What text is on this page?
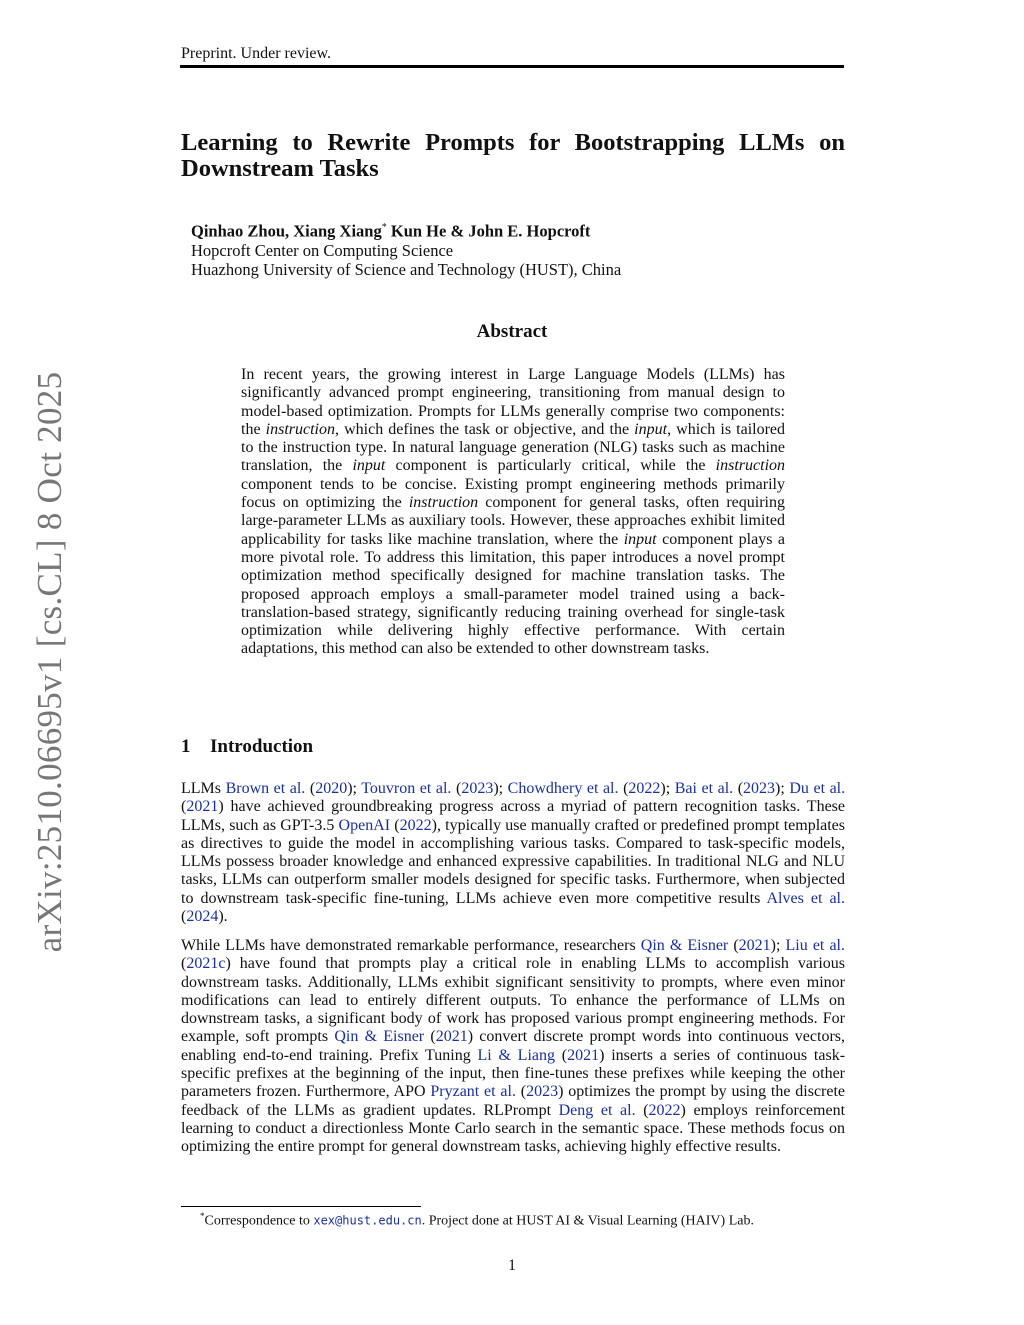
Preprint. Under review.
arXiv:2510.06695v1 [cs.CL] 8 Oct 2025
Learning to Rewrite Prompts for Bootstrapping LLMs on Downstream Tasks
Qinhao Zhou, Xiang Xiang* Kun He & John E. Hopcroft
Hopcroft Center on Computing Science
Huazhong University of Science and Technology (HUST), China
Abstract
In recent years, the growing interest in Large Language Models (LLMs) has significantly advanced prompt engineering, transitioning from manual design to model-based optimization. Prompts for LLMs generally comprise two components: the instruction, which defines the task or objective, and the input, which is tailored to the instruction type. In natural language generation (NLG) tasks such as machine translation, the input component is particularly critical, while the instruction component tends to be concise. Existing prompt engineering methods primarily focus on optimizing the instruction component for general tasks, often requiring large-parameter LLMs as auxiliary tools. However, these approaches exhibit limited applicability for tasks like machine translation, where the input component plays a more pivotal role. To address this limitation, this paper introduces a novel prompt optimization method specifically designed for machine translation tasks. The proposed approach employs a small-parameter model trained using a back-translation-based strategy, significantly reducing training overhead for single-task optimization while delivering highly effective performance. With certain adaptations, this method can also be extended to other downstream tasks.
1 Introduction
LLMs Brown et al. (2020); Touvron et al. (2023); Chowdhery et al. (2022); Bai et al. (2023); Du et al. (2021) have achieved groundbreaking progress across a myriad of pattern recognition tasks. These LLMs, such as GPT-3.5 OpenAI (2022), typically use manually crafted or predefined prompt templates as directives to guide the model in accomplishing various tasks. Compared to task-specific models, LLMs possess broader knowledge and enhanced expressive capabilities. In traditional NLG and NLU tasks, LLMs can outperform smaller models designed for specific tasks. Furthermore, when subjected to downstream task-specific fine-tuning, LLMs achieve even more competitive results Alves et al. (2024).
While LLMs have demonstrated remarkable performance, researchers Qin & Eisner (2021); Liu et al. (2021c) have found that prompts play a critical role in enabling LLMs to accomplish various downstream tasks. Additionally, LLMs exhibit significant sensitivity to prompts, where even minor modifications can lead to entirely different outputs. To enhance the performance of LLMs on downstream tasks, a significant body of work has proposed various prompt engineering methods. For example, soft prompts Qin & Eisner (2021) convert discrete prompt words into continuous vectors, enabling end-to-end training. Prefix Tuning Li & Liang (2021) inserts a series of continuous task-specific prefixes at the beginning of the input, then fine-tunes these prefixes while keeping the other parameters frozen. Furthermore, APO Pryzant et al. (2023) optimizes the prompt by using the discrete feedback of the LLMs as gradient updates. RLPrompt Deng et al. (2022) employs reinforcement learning to conduct a directionless Monte Carlo search in the semantic space. These methods focus on optimizing the entire prompt for general downstream tasks, achieving highly effective results.
*Correspondence to xex@hust.edu.cn. Project done at HUST AI & Visual Learning (HAIV) Lab.
1
